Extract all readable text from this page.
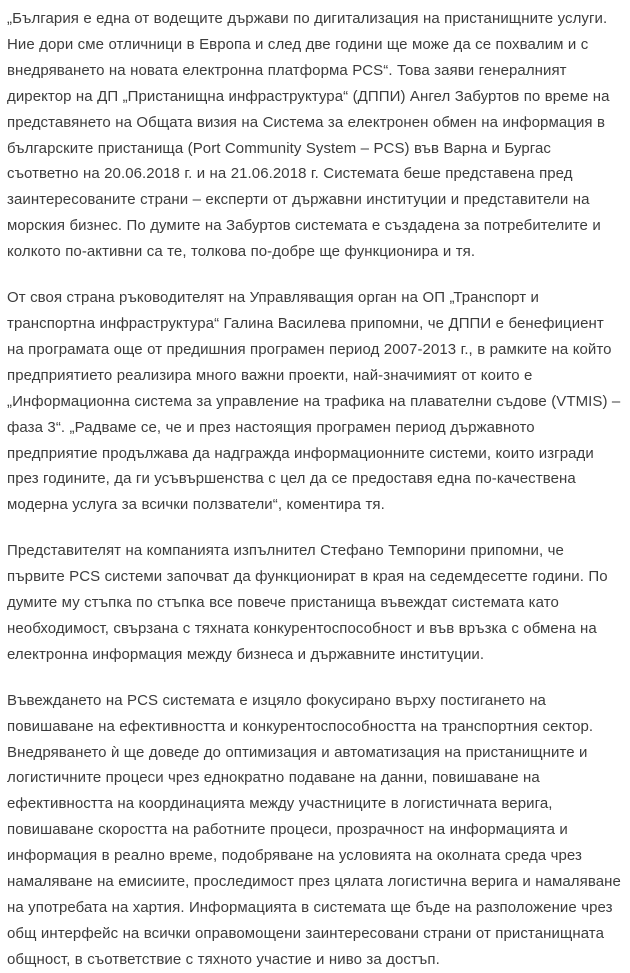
„България е една от водещите държави по дигитализация на пристанищните услуги. Ние дори сме отличници в Европа и след две години ще може да се похвалим и с внедряването на новата електронна платформа PCS“. Това заяви генералният директор на ДП „Пристанищна инфраструктура“ (ДППИ) Ангел Забуртов по време на представянето на Общата визия на Система за електронен обмен на информация в българските пристанища (Port Community System – PCS) във Варна и Бургас съответно на 20.06.2018 г. и на 21.06.2018 г. Системата беше представена пред заинтересованите страни – експерти от държавни институции и представители на морския бизнес. По думите на Забуртов системата е създадена за потребителите и колкото по-активни са те, толкова по-добре ще функционира и тя.

От своя страна ръководителят на Управляващия орган на ОП „Транспорт и транспортна инфраструктура“ Галина Василева припомни, че ДППИ е бенефициент на програмата още от предишния програмен период 2007-2013 г., в рамките на който предприятието реализира много важни проекти, най-значимият от които е „Информационна система за управление на трафика на плавателни съдове (VTMIS) – фаза 3“. „Радваме се, че и през настоящия програмен период държавното предприятие продължава да надгражда информационните системи, които изгради през годините, да ги усъвършенства с цел да се предоставя една по-качествена модерна услуга за всички ползватели“, коментира тя.

Представителят на компанията изпълнител Стефано Темпорини припомни, че първите PCS системи започват да функционират в края на седемдесетте години. По думите му стъпка по стъпка все повече пристанища въвеждат системата като необходимост, свързана с тяхната конкурентоспособност и във връзка с обмена на електронна информация между бизнеса и държавните институции.

Въвеждането на PCS системата е изцяло фокусирано върху постигането на повишаване на ефективността и конкурентоспособността на транспортния сектор. Внедряването ѝ ще доведе до оптимизация и автоматизация на пристанищните и логистичните процеси чрез еднократно подаване на данни, повишаване на ефективността на координацията между участниците в логистичната верига, повишаване скоростта на работните процеси, прозрачност на информацията и информация в реално време, подобряване на условията на околната среда чрез намаляване на емисиите, проследимост през цялата логистична верига и намаляване на употребата на хартия. Информацията в системата ще бъде на разположение чрез общ интерфейс на всички оправомощени заинтересовани страни от пристанищната общност, в съответствие с тяхното участие и ниво за достъп.
